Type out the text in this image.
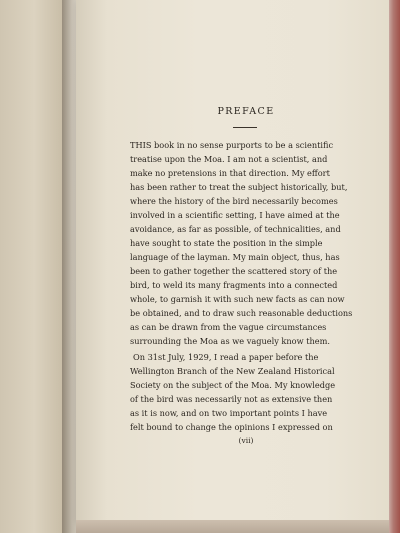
PREFACE
THIS book in no sense purports to be a scientific
treatise upon the Moa. I am not a scientist, and
make no pretensions in that direction. My effort
has been rather to treat the subject historically, but,
where the history of the bird necessarily becomes
involved in a scientific setting, I have aimed at the
avoidance, as far as possible, of technicalities, and
have sought to state the position in the simple
language of the layman. My main object, thus, has
been to gather together the scattered story of the
bird, to weld its many fragments into a connected
whole, to garnish it with such new facts as can now
be obtained, and to draw such reasonable deductions
as can be drawn from the vague circumstances
surrounding the Moa as we vaguely know them.
On 31st July, 1929, I read a paper before the
Wellington Branch of the New Zealand Historical
Society on the subject of the Moa. My knowledge
of the bird was necessarily not as extensive then
as it is now, and on two important points I have
felt bound to change the opinions I expressed on
(vii)
